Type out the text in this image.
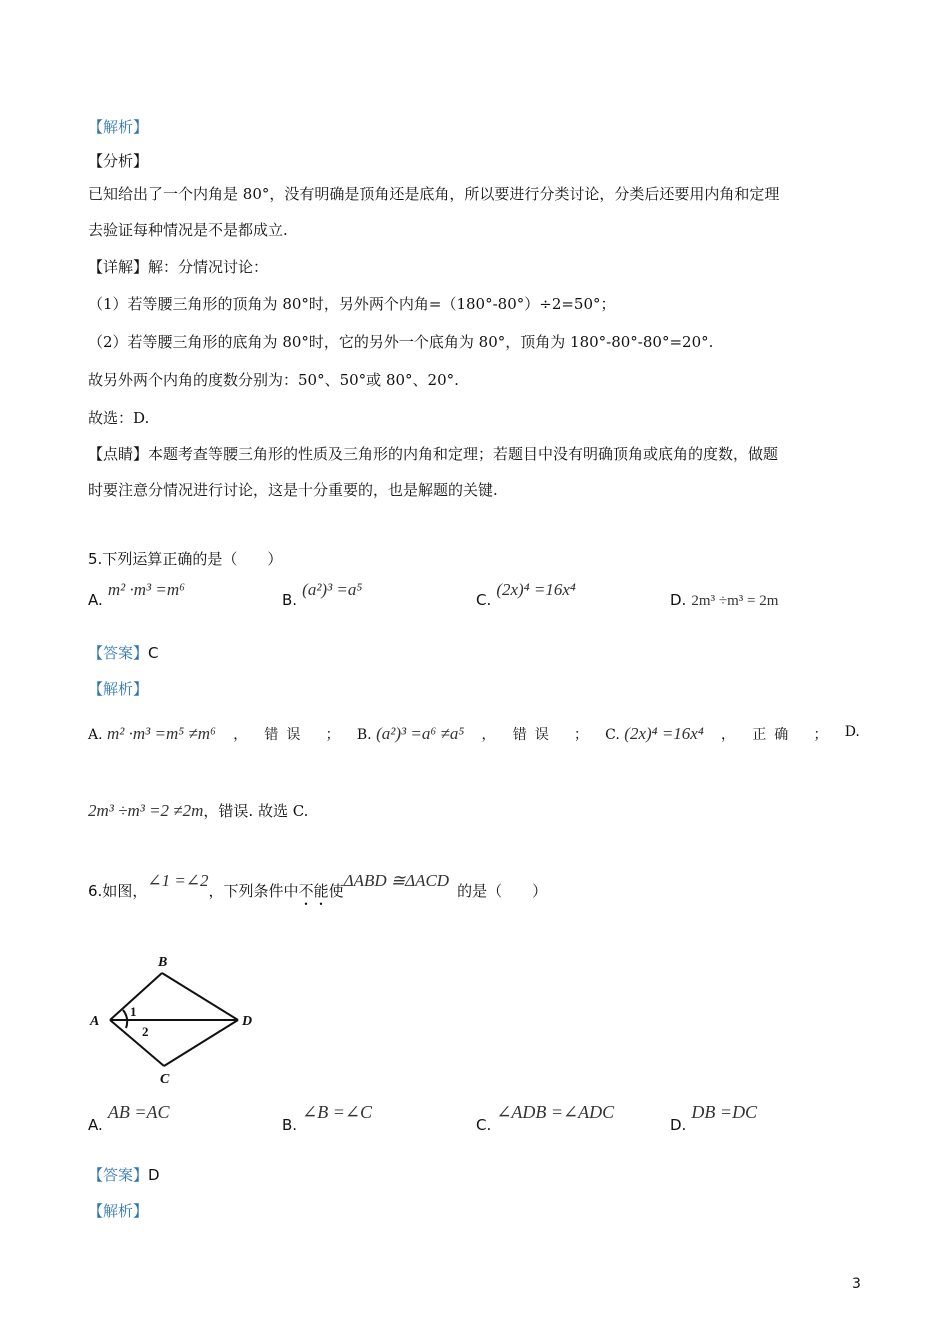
【解析】
【分析】
已知给出了一个内角是 80°，没有明确是顶角还是底角，所以要进行分类讨论，分类后还要用内角和定理
去验证每种情况是不是都成立.
【详解】解：分情况讨论：
（1）若等腰三角形的顶角为 80°时，另外两个内角=（180°-80°）÷2=50°；
（2）若等腰三角形的底角为 80°时，它的另外一个底角为 80°，顶角为 180°-80°-80°=20°.
故另外两个内角的度数分别为：50°、50°或 80°、20°.
故选：D.
【点睛】本题考查等腰三角形的性质及三角形的内角和定理；若题目中没有明确顶角或底角的度数，做题
时要注意分情况进行讨论，这是十分重要的，也是解题的关键.
5.下列运算正确的是（　　）
A. m² ·m³ =m⁶
B. (a²)³ =a⁵
C. (2x)⁴ =16x⁴
D. 2m³ ÷m³ = 2m
【答案】C
【解析】
A. m² ·m³ =m⁵ ≠m⁶ ， 错误 ； B. (a²)³ =a⁶ ≠a⁵ ， 错误 ； C. (2x)⁴ =16x⁴ ， 正确 ； D.
2m³ ÷m³ =2 ≠2m，错误. 故选 C.
6.如图，∠1 =∠2，下列条件中不能使ΔABD ≅ΔACD的是（　　）
A
B
C
D
1
2
A. AB =AC
B. ∠B =∠C
C. ∠ADB =∠ADC
D. DB =DC
【答案】D
【解析】
3
